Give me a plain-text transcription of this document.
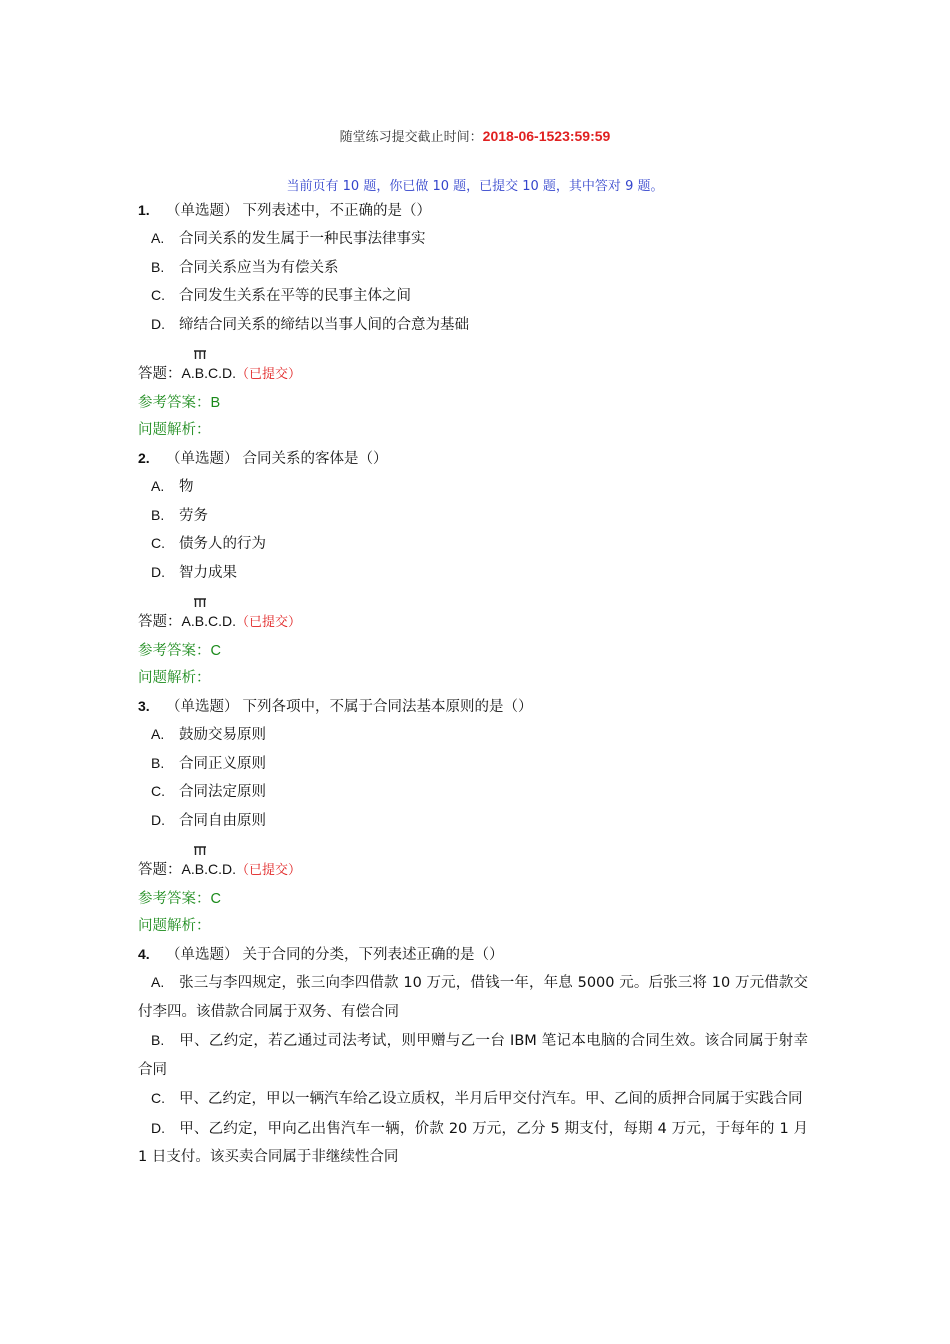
随堂练习提交截止时间：2018-06-1523:59:59
当前页有 10 题，你已做 10 题，已提交 10 题，其中答对 9 题。
1. （单选题） 下列表述中，不正确的是（）
A. 合同关系的发生属于一种民事法律事实
B. 合同关系应当为有偿关系
C. 合同发生关系在平等的民事主体之间
D. 缔结合同关系的缔结以当事人间的合意为基础
答题：A.B.C.D.（已提交）
参考答案：B
问题解析：
2. （单选题） 合同关系的客体是（）
A. 物
B. 劳务
C. 债务人的行为
D. 智力成果
答题：A.B.C.D.（已提交）
参考答案：C
问题解析：
3. （单选题） 下列各项中，不属于合同法基本原则的是（）
A. 鼓励交易原则
B. 合同正义原则
C. 合同法定原则
D. 合同自由原则
答题：A.B.C.D.（已提交）
参考答案：C
问题解析：
4. （单选题） 关于合同的分类，下列表述正确的是（）
A. 张三与李四规定，张三向李四借款 10 万元，借钱一年，年息 5000 元。后张三将 10 万元借款交付李四。该借款合同属于双务、有偿合同
B. 甲、乙约定，若乙通过司法考试，则甲赠与乙一台 IBM 笔记本电脑的合同生效。该合同属于射幸合同
C. 甲、乙约定，甲以一辆汽车给乙设立质权，半月后甲交付汽车。甲、乙间的质押合同属于实践合同
D. 甲、乙约定，甲向乙出售汽车一辆，价款 20 万元，乙分 5 期支付，每期 4 万元，于每年的 1 月 1 日支付。该买卖合同属于非继续性合同
